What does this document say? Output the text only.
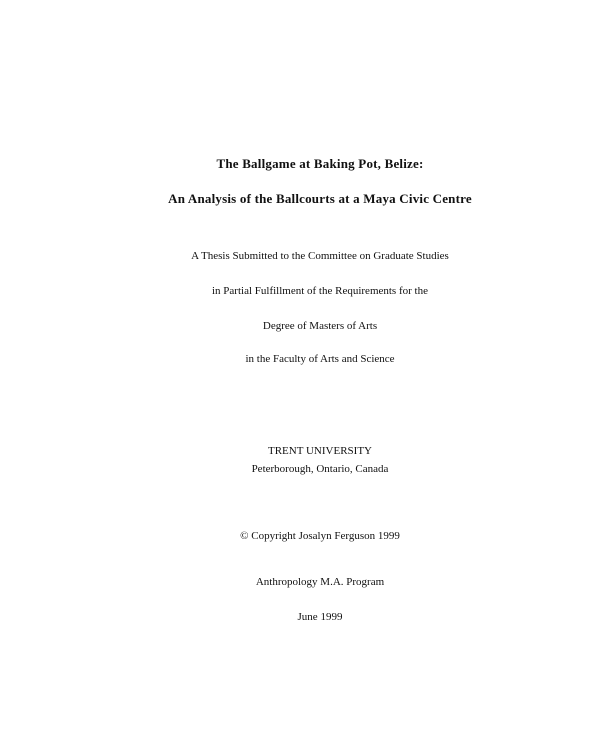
The Ballgame at Baking Pot, Belize:
An Analysis of the Ballcourts at a Maya Civic Centre
A Thesis Submitted to the Committee on Graduate Studies
in Partial Fulfillment of the Requirements for the
Degree of Masters of Arts
in the Faculty of Arts and Science
TRENT UNIVERSITY
Peterborough, Ontario, Canada
© Copyright Josalyn Ferguson 1999
Anthropology M.A. Program
June 1999
